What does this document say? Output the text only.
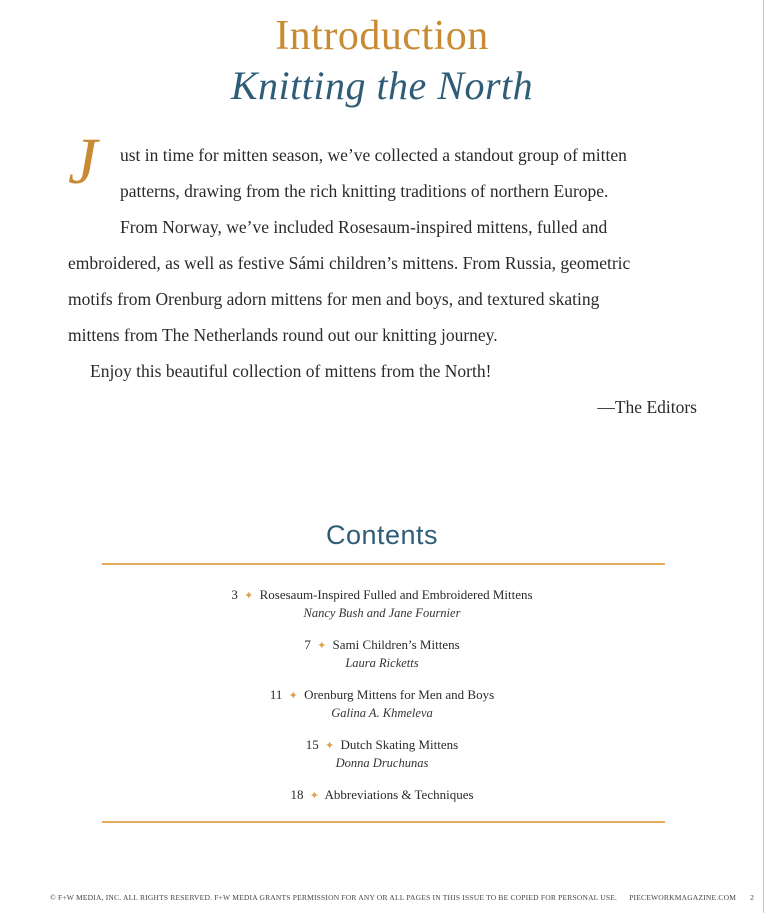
Introduction
Knitting the North
J	ust in time for mitten season, we’ve collected a standout group of mitten
patterns, drawing from the rich knitting traditions of northern Europe.
From Norway, we’ve included Rosesaum-inspired mittens, fulled and
embroidered, as well as festive Sámi children’s mittens. From Russia, geometric
motifs from Orenburg adorn mittens for men and boys, and textured skating
mittens from The Netherlands round out our knitting journey.
Enjoy this beautiful collection of mittens from the North!
—The Editors
Contents
3 ✦ Rosesaum-Inspired Fulled and Embroidered Mittens
Nancy Bush and Jane Fournier
7 ✦ Sami Children’s Mittens
Laura Ricketts
11 ✦ Orenburg Mittens for Men and Boys
Galina A. Khmeleva
15 ✦ Dutch Skating Mittens
Donna Druchunas
18 ✦ Abbreviations & Techniques
© F+W MEDIA, INC. ALL RIGHTS RESERVED. F+W MEDIA GRANTS PERMISSION FOR ANY OR ALL PAGES IN THIS ISSUE TO BE COPIED FOR PERSONAL USE. PIECEWORKMAGAZINE.COM 2
